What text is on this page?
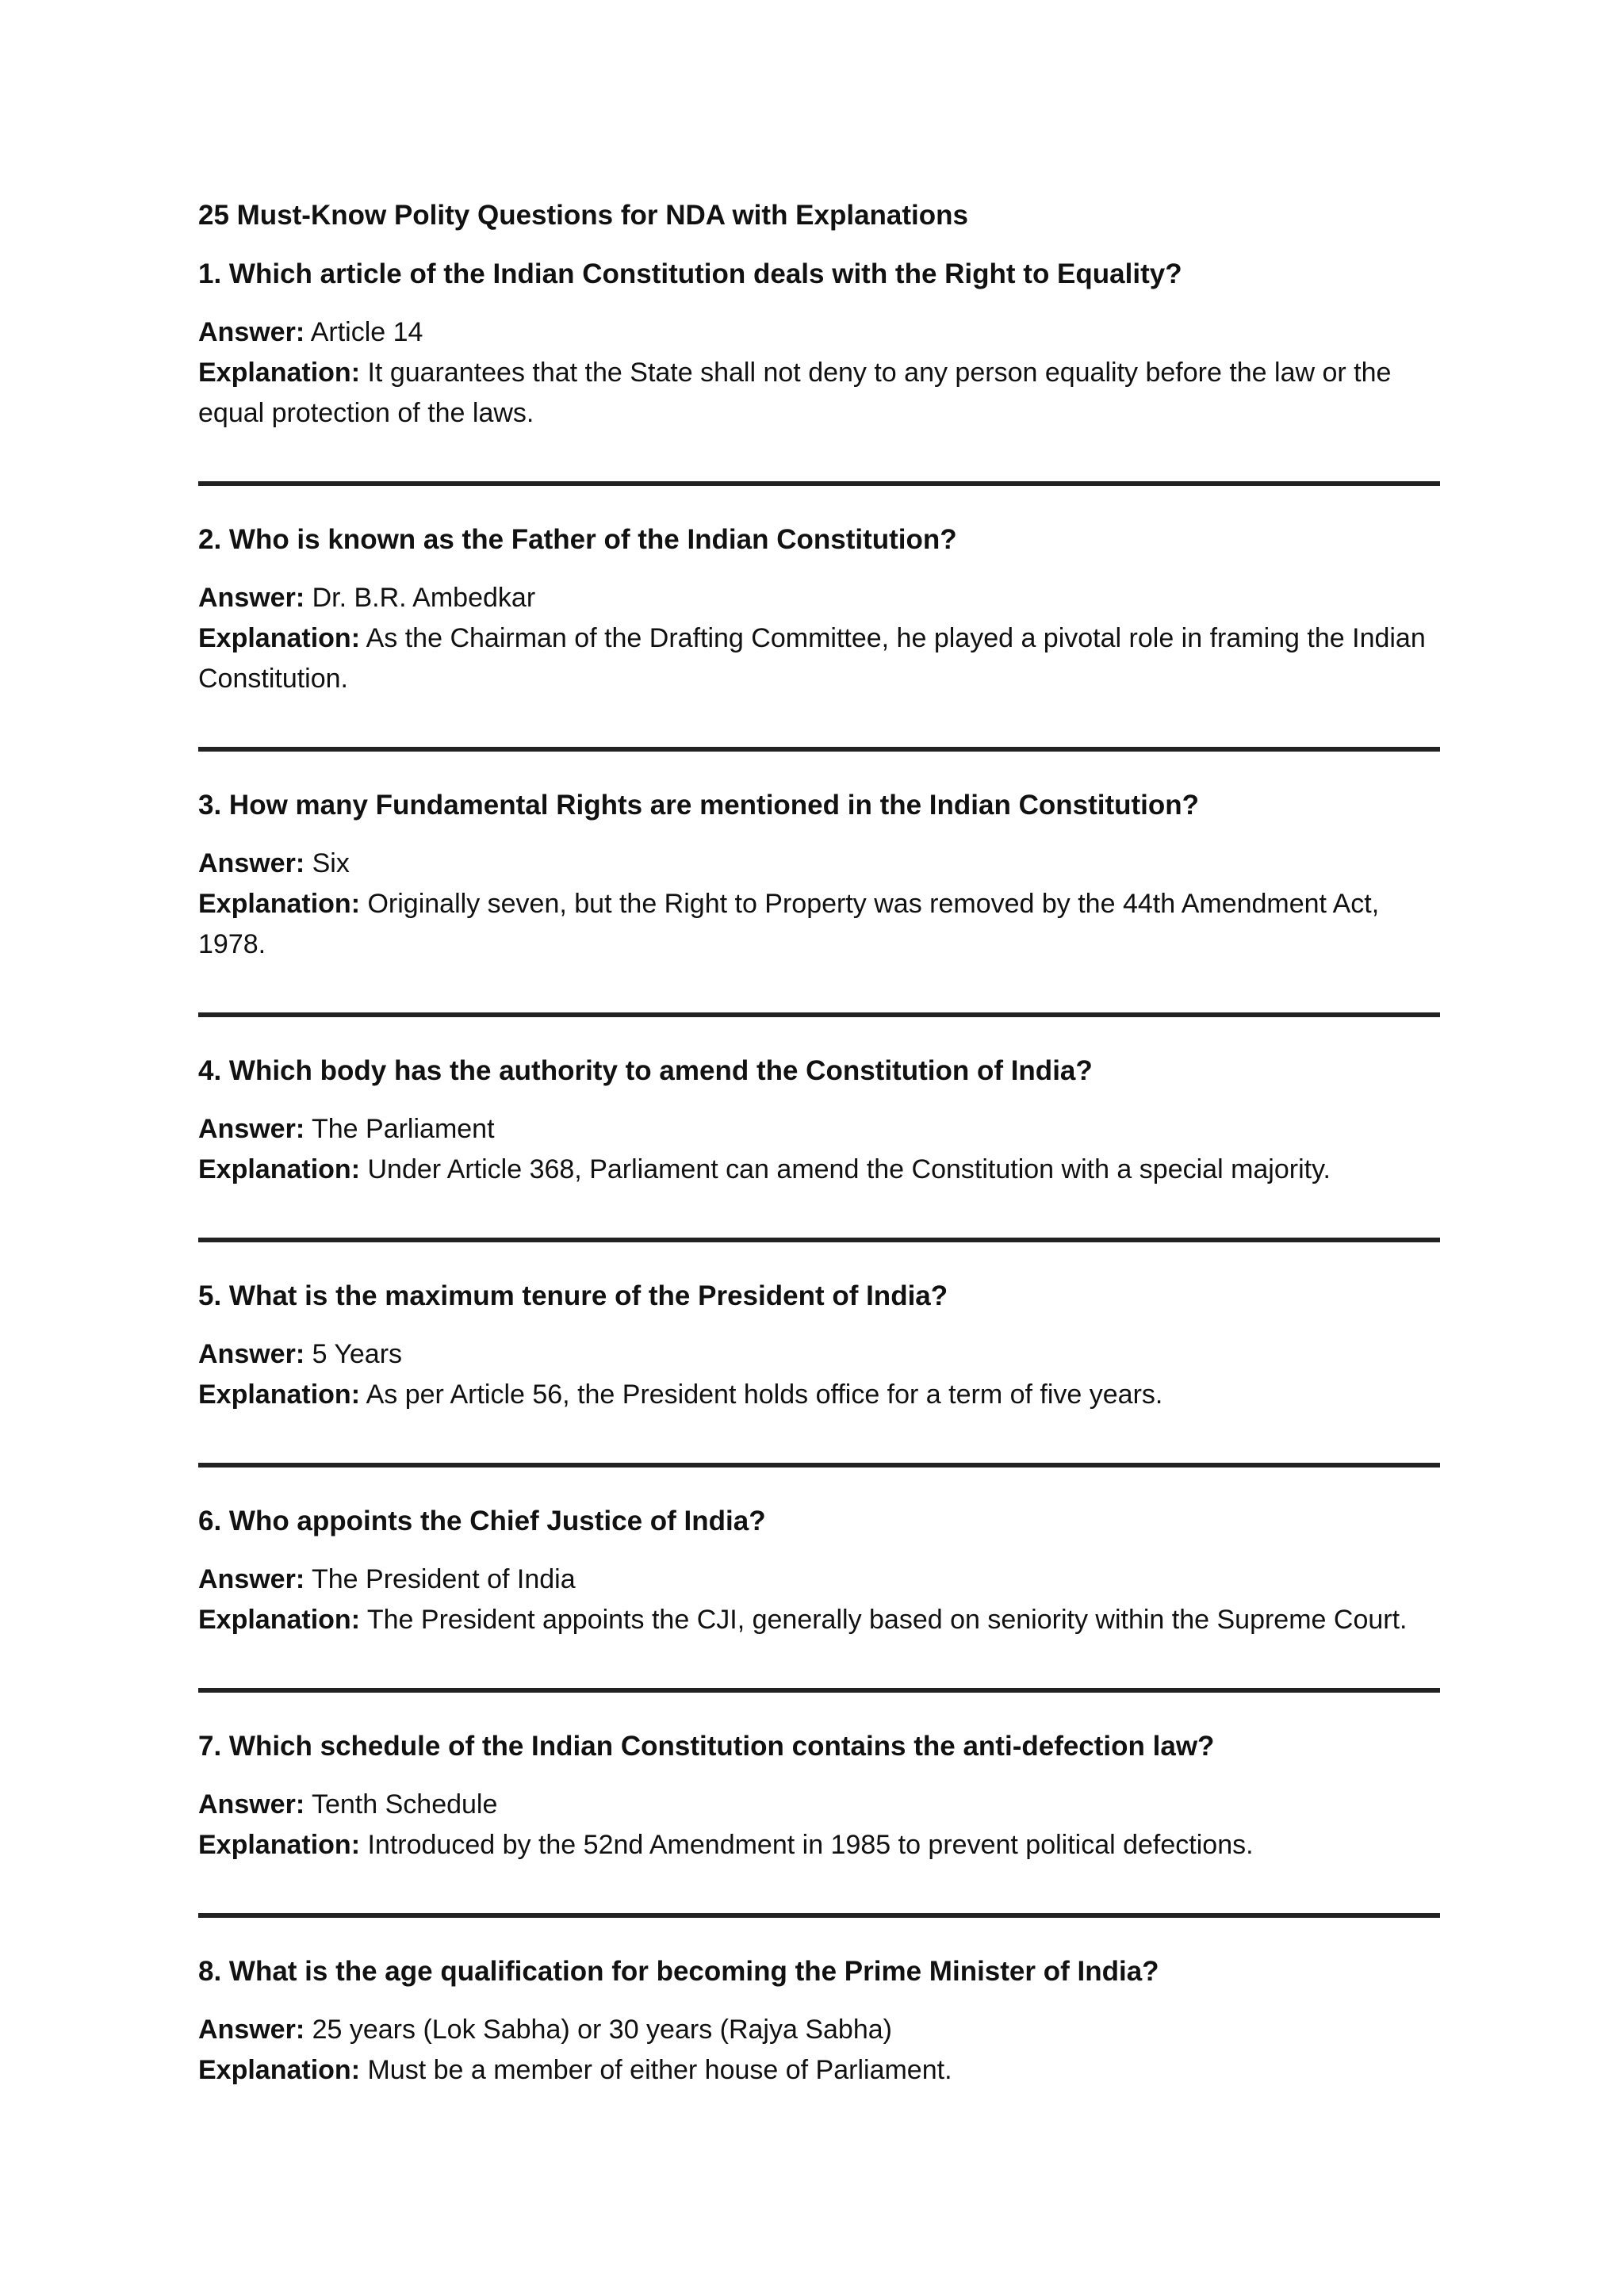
25 Must-Know Polity Questions for NDA with Explanations
1. Which article of the Indian Constitution deals with the Right to Equality?
Answer: Article 14
Explanation: It guarantees that the State shall not deny to any person equality before the law or the equal protection of the laws.
2. Who is known as the Father of the Indian Constitution?
Answer: Dr. B.R. Ambedkar
Explanation: As the Chairman of the Drafting Committee, he played a pivotal role in framing the Indian Constitution.
3. How many Fundamental Rights are mentioned in the Indian Constitution?
Answer: Six
Explanation: Originally seven, but the Right to Property was removed by the 44th Amendment Act, 1978.
4. Which body has the authority to amend the Constitution of India?
Answer: The Parliament
Explanation: Under Article 368, Parliament can amend the Constitution with a special majority.
5. What is the maximum tenure of the President of India?
Answer: 5 Years
Explanation: As per Article 56, the President holds office for a term of five years.
6. Who appoints the Chief Justice of India?
Answer: The President of India
Explanation: The President appoints the CJI, generally based on seniority within the Supreme Court.
7. Which schedule of the Indian Constitution contains the anti-defection law?
Answer: Tenth Schedule
Explanation: Introduced by the 52nd Amendment in 1985 to prevent political defections.
8. What is the age qualification for becoming the Prime Minister of India?
Answer: 25 years (Lok Sabha) or 30 years (Rajya Sabha)
Explanation: Must be a member of either house of Parliament.
